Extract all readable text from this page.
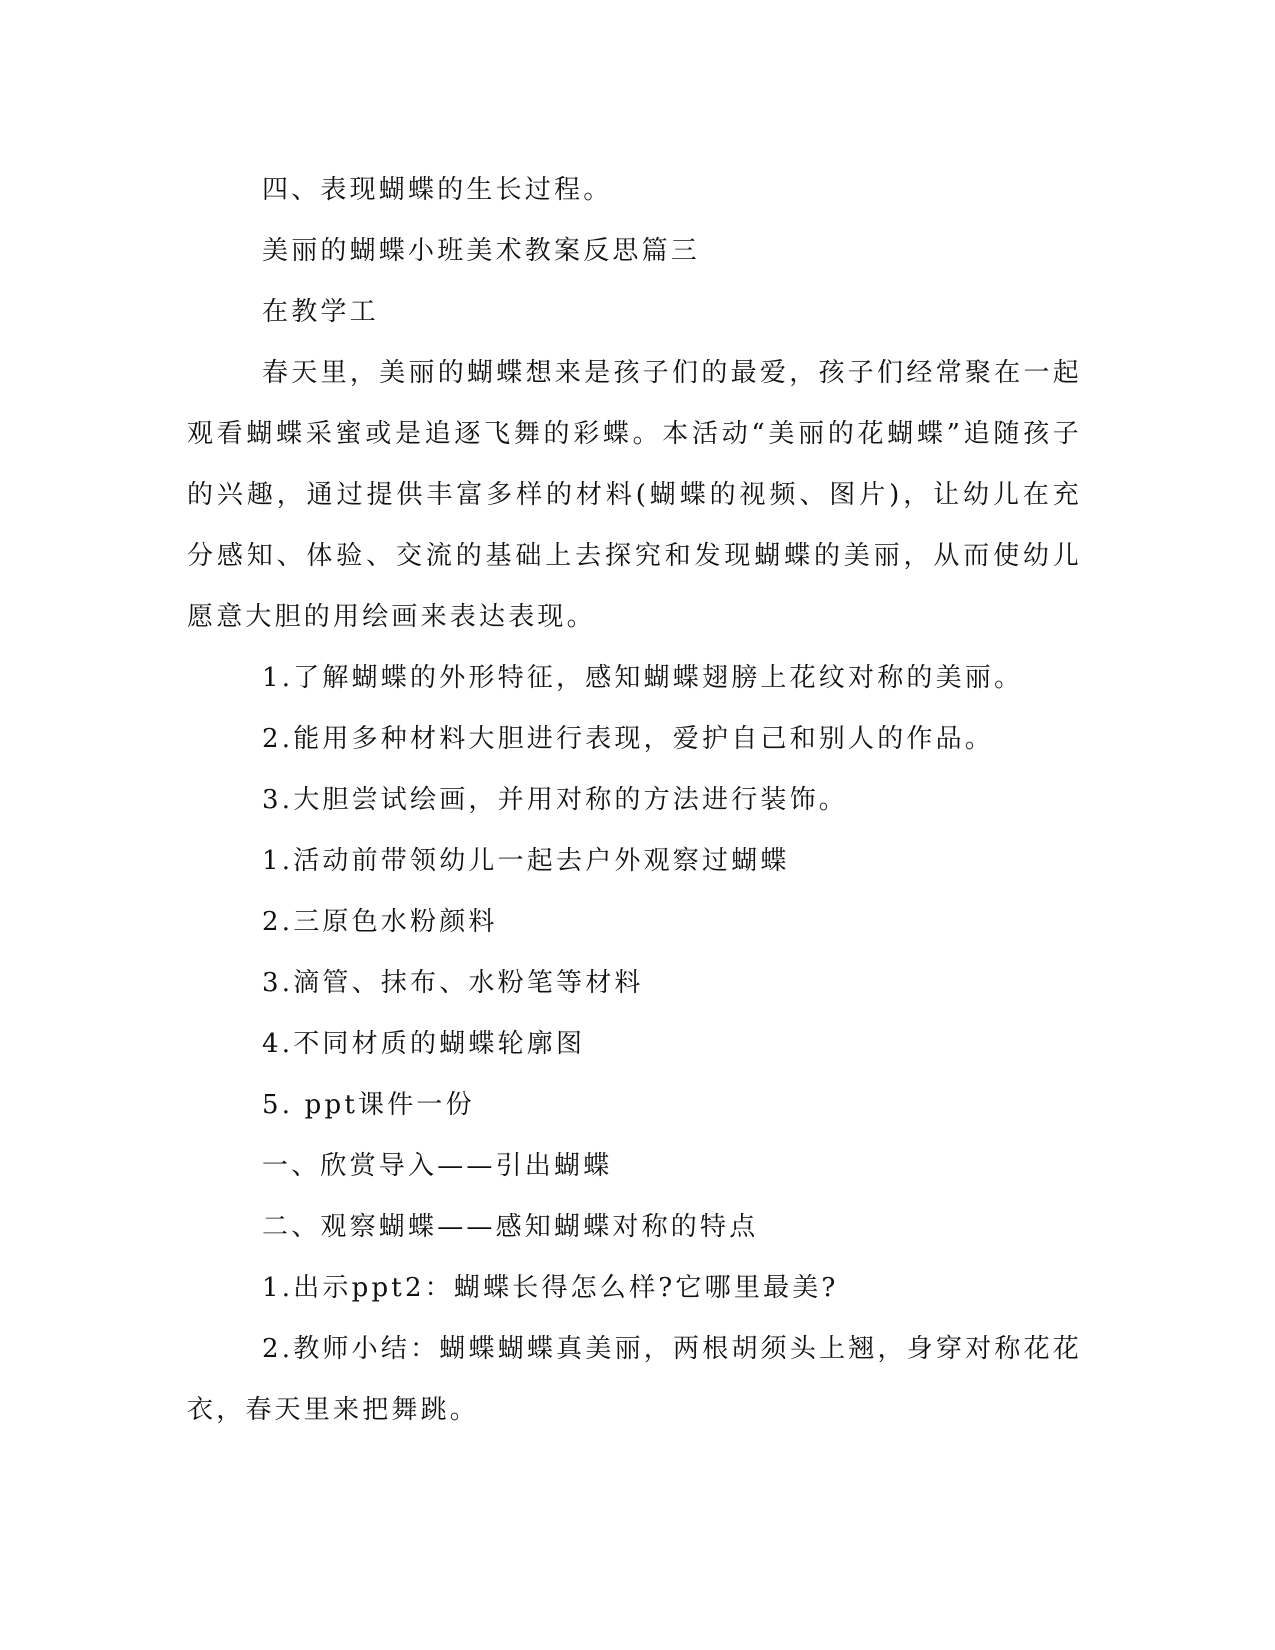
四、表现蝴蝶的生长过程。
美丽的蝴蝶小班美术教案反思篇三
在教学工

春天里，美丽的蝴蝶想来是孩子们的最爱，孩子们经常聚在一起观看蝴蝶采蜜或是追逐飞舞的彩蝶。本活动“美丽的花蝴蝶”追随孩子的兴趣，通过提供丰富多样的材料(蝴蝶的视频、图片)，让幼儿在充分感知、体验、交流的基础上去探究和发现蝴蝶的美丽，从而使幼儿愿意大胆的用绘画来表达表现。

1.了解蝴蝶的外形特征，感知蝴蝶翅膀上花纹对称的美丽。
2.能用多种材料大胆进行表现，爱护自己和别人的作品。
3.大胆尝试绘画，并用对称的方法进行装饰。
1.活动前带领幼儿一起去户外观察过蝴蝶
2.三原色水粉颜料
3.滴管、抹布、水粉笔等材料
4.不同材质的蝴蝶轮廓图
5. ppt课件一份
一、欣赏导入——引出蝴蝶
二、观察蝴蝶——感知蝴蝶对称的特点
1.出示ppt2：蝴蝶长得怎么样?它哪里最美?

2.教师小结：蝴蝶蝴蝶真美丽，两根胡须头上翘，身穿对称花花衣，春天里来把舞跳。
